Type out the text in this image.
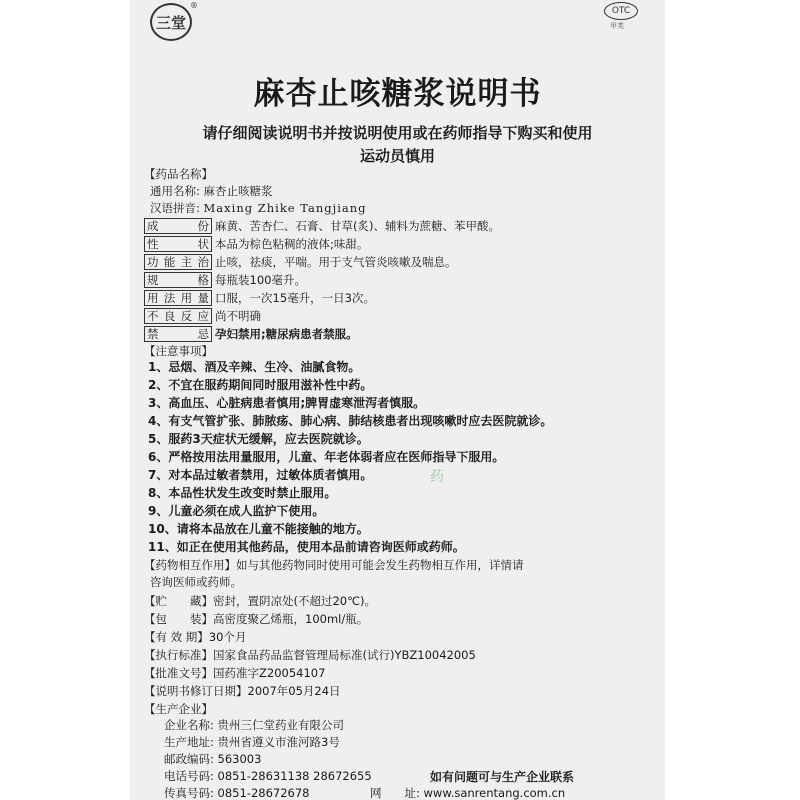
三堂
®
OTC
甲类
麻杏止咳糖浆说明书
请仔细阅读说明书并按说明使用或在药师指导下购买和使用
运动员慎用
【药品名称】
通用名称: 麻杏止咳糖浆
汉语拼音: Maxing Zhike Tangjiang
成　　份 麻黄、苦杏仁、石膏、甘草(炙)、辅料为蔗糖、苯甲酸。
性　　状 本品为棕色粘稠的液体;味甜。
功能主治 止咳，祛痰，平喘。用于支气管炎咳嗽及喘息。
规　　格 每瓶装100毫升。
用法用量 口服，一次15毫升，一日3次。
不良反应 尚不明确
禁　　忌 孕妇禁用;糖尿病患者禁服。
【注意事项】
1、忌烟、酒及辛辣、生冷、油腻食物。
2、不宜在服药期间同时服用滋补性中药。
3、高血压、心脏病患者慎用;脾胃虚寒泄泻者慎服。
4、有支气管扩张、肺脓疡、肺心病、肺结核患者出现咳嗽时应去医院就诊。
5、服药3天症状无缓解，应去医院就诊。
6、严格按用法用量服用，儿童、年老体弱者应在医师指导下服用。
7、对本品过敏者禁用，过敏体质者慎用。
8、本品性状发生改变时禁止服用。
9、儿童必须在成人监护下使用。
10、请将本品放在儿童不能接触的地方。
11、如正在使用其他药品，使用本品前请咨询医师或药师。
药
【药物相互作用】如与其他药物同时使用可能会发生药物相互作用，详情请
咨询医师或药师。
【贮　　藏】密封，置阴凉处(不超过20℃)。
【包　　装】高密度聚乙烯瓶，100ml/瓶。
【有 效 期】30个月
【执行标准】国家食品药品监督管理局标准(试行)YBZ10042005
【批准文号】国药准字Z20054107
【说明书修订日期】2007年05月24日
【生产企业】
企业名称: 贵州三仁堂药业有限公司
生产地址: 贵州省遵义市淮河路3号
邮政编码: 563003
电话号码: 0851-28631138 28672655
传真号码: 0851-28672678	网　　址: www.sanrentang.com.cn
如有问题可与生产企业联系
